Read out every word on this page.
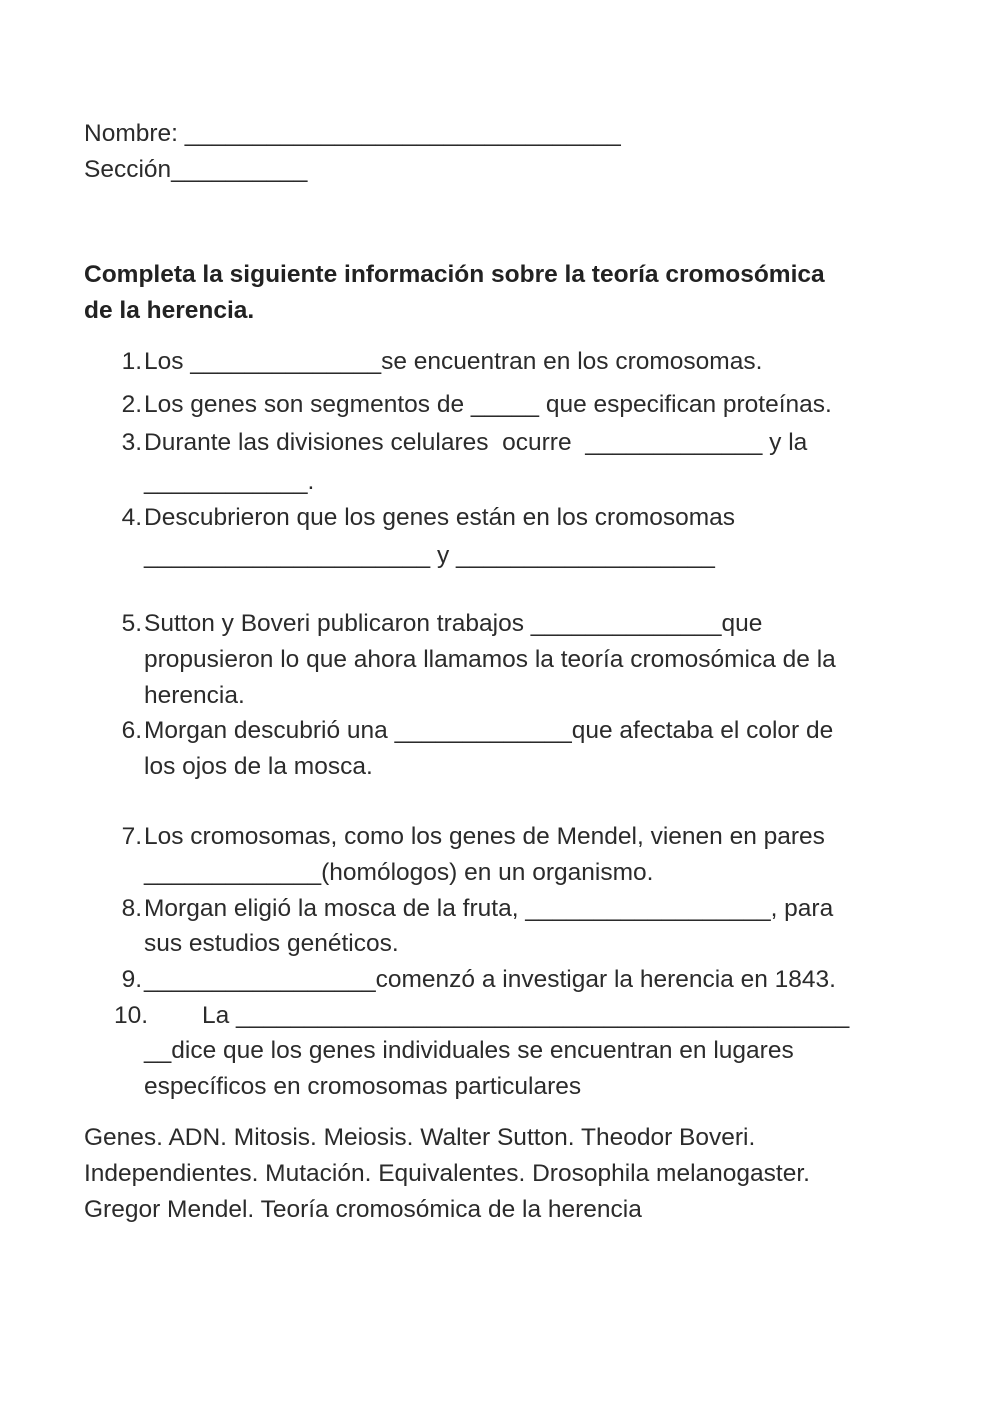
Nombre: ________________________________
Sección__________
Completa la siguiente información sobre la teoría cromosómica
de la herencia.
1. Los ______________se encuentran en los cromosomas.
2. Los genes son segmentos de _____ que especifican proteínas.
3. Durante las divisiones celulares  ocurre  _____________ y la
____________.
4. Descubrieron que los genes están en los cromosomas
_____________________ y ___________________
5. Sutton y Boveri publicaron trabajos ______________que
propusieron lo que ahora llamamos la teoría cromosómica de la
herencia.
6. Morgan descubrió una _____________que afectaba el color de
los ojos de la mosca.
7. Los cromosomas, como los genes de Mendel, vienen en pares
_____________(homólogos) en un organismo.
8. Morgan eligió la mosca de la fruta, __________________, para
sus estudios genéticos.
9. _________________comenzó a investigar la herencia en 1843.
10. La _____________________________________________
__dice que los genes individuales se encuentran en lugares
específicos en cromosomas particulares
Genes. ADN. Mitosis. Meiosis. Walter Sutton. Theodor Boveri.
Independientes. Mutación. Equivalentes. Drosophila melanogaster.
Gregor Mendel. Teoría cromosómica de la herencia
